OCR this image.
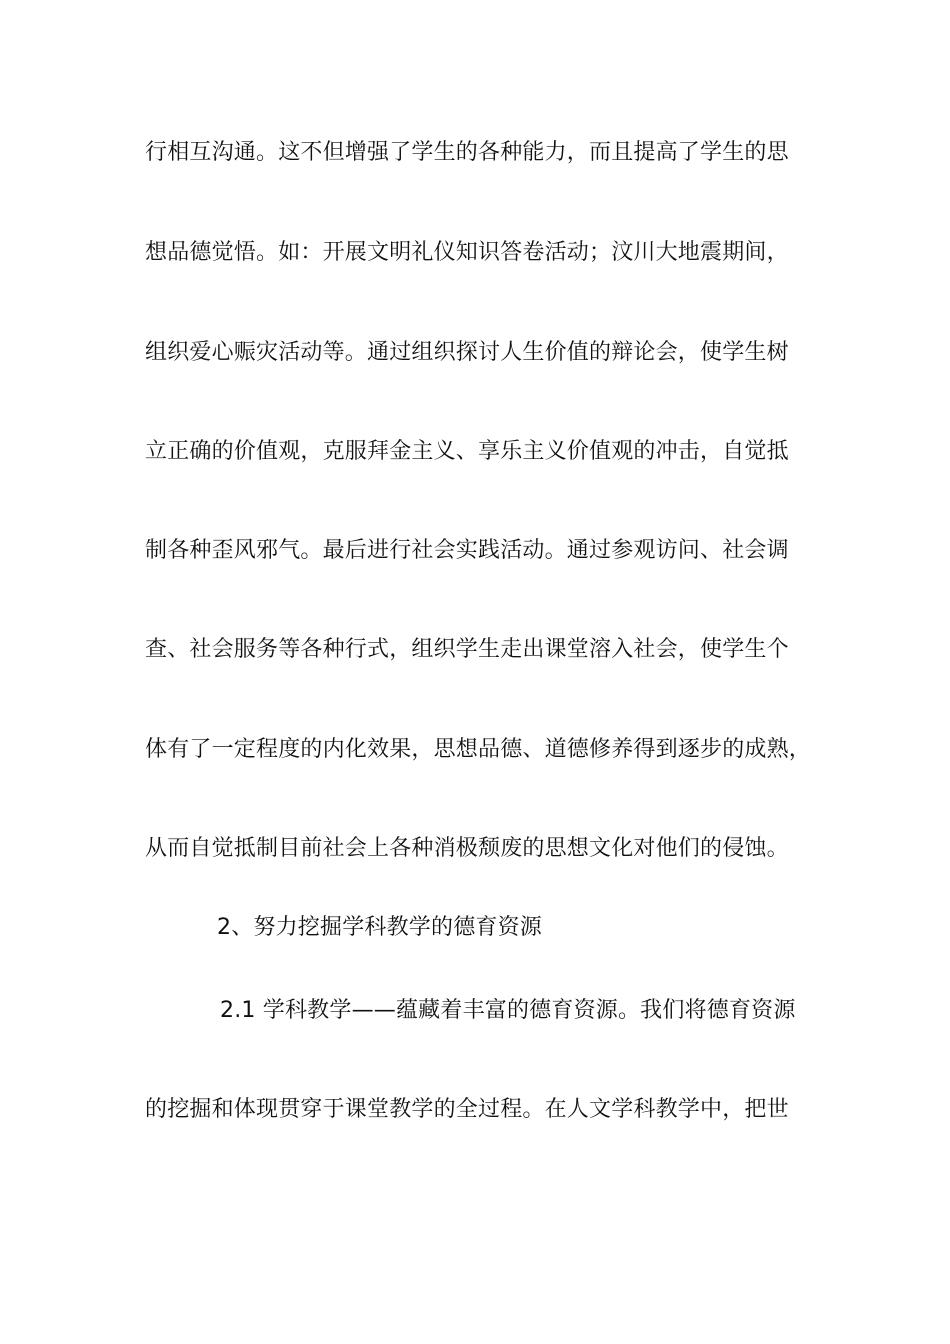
行相互沟通。这不但增强了学生的各种能力，而且提高了学生的思
想品德觉悟。如：开展文明礼仪知识答卷活动；汶川大地震期间，
组织爱心赈灾活动等。通过组织探讨人生价值的辩论会，使学生树
立正确的价值观，克服拜金主义、享乐主义价值观的冲击，自觉抵
制各种歪风邪气。最后进行社会实践活动。通过参观访问、社会调
查、社会服务等各种行式，组织学生走出课堂溶入社会，使学生个
体有了一定程度的内化效果，思想品德、道德修养得到逐步的成熟，
从而自觉抵制目前社会上各种消极颓废的思想文化对他们的侵蚀。
2、努力挖掘学科教学的德育资源
2.1 学科教学——蕴藏着丰富的德育资源。我们将德育资源
的挖掘和体现贯穿于课堂教学的全过程。在人文学科教学中，把世
